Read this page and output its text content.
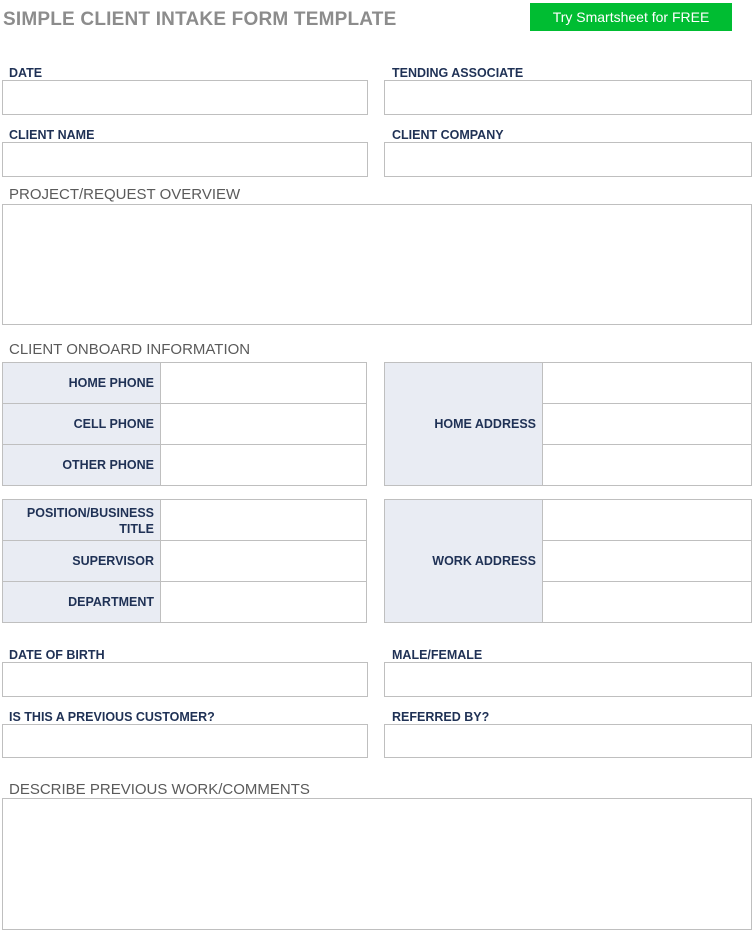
SIMPLE CLIENT INTAKE FORM TEMPLATE	Try Smartsheet for FREE
DATE	TENDING ASSOCIATE
CLIENT NAME	CLIENT COMPANY
PROJECT/REQUEST OVERVIEW
CLIENT ONBOARD INFORMATION
HOME PHONE
CELL PHONE
OTHER PHONE
HOME ADDRESS
POSITION/BUSINESS TITLE
SUPERVISOR
DEPARTMENT
WORK ADDRESS
DATE OF BIRTH	MALE/FEMALE
IS THIS A PREVIOUS CUSTOMER?	REFERRED BY?
DESCRIBE PREVIOUS WORK/COMMENTS
